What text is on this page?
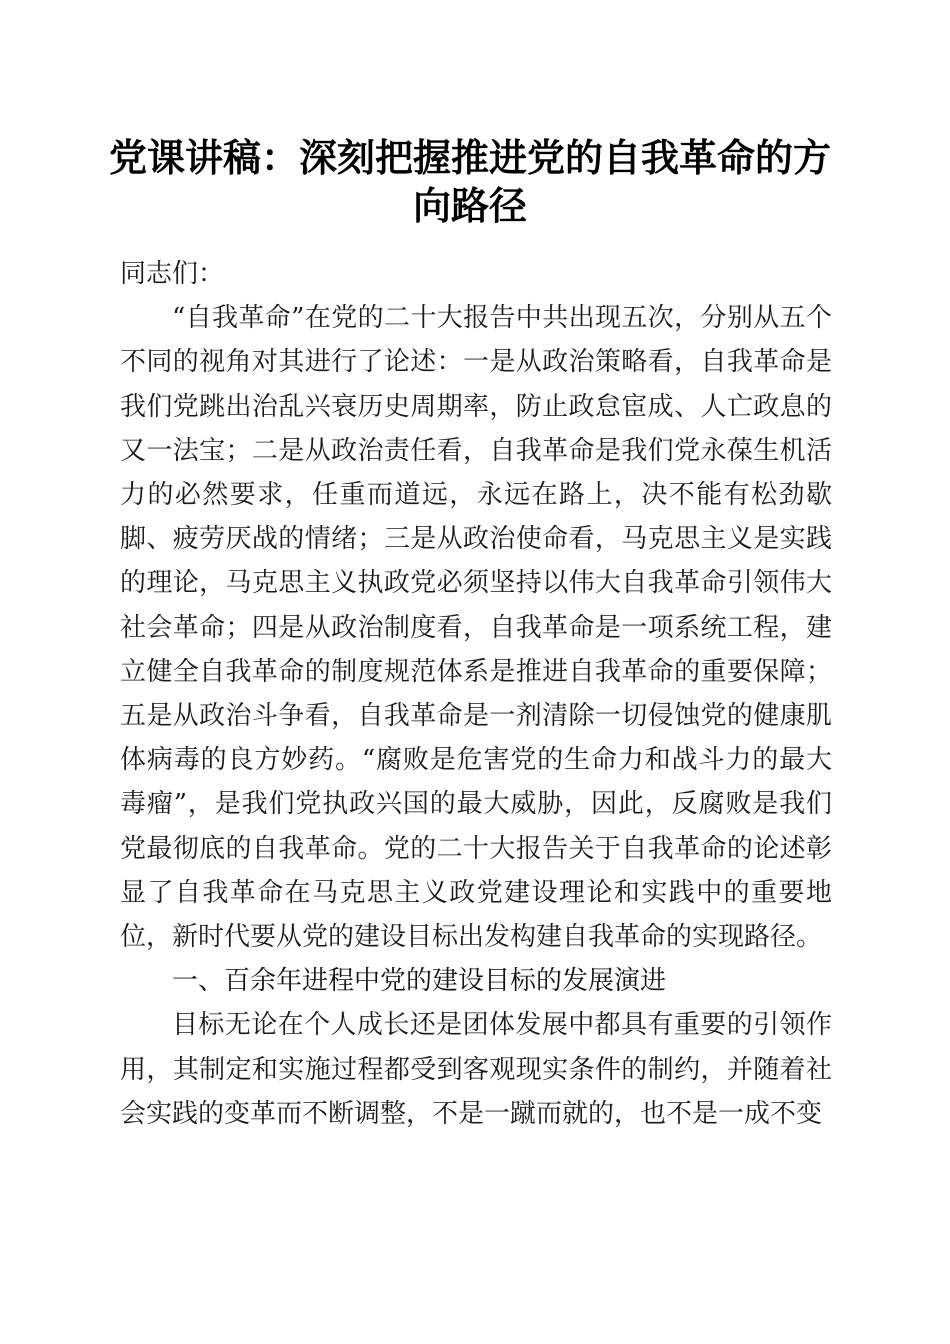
党课讲稿：深刻把握推进党的自我革命的方向路径

同志们：

“自我革命”在党的二十大报告中共出现五次，分别从五个不同的视角对其进行了论述：一是从政治策略看，自我革命是我们党跳出治乱兴衰历史周期率，防止政怠宦成、人亡政息的又一法宝；二是从政治责任看，自我革命是我们党永葆生机活力的必然要求，任重而道远，永远在路上，决不能有松劲歇脚、疲劳厌战的情绪；三是从政治使命看，马克思主义是实践的理论，马克思主义执政党必须坚持以伟大自我革命引领伟大社会革命；四是从政治制度看，自我革命是一项系统工程，建立健全自我革命的制度规范体系是推进自我革命的重要保障；五是从政治斗争看，自我革命是一剂清除一切侵蚀党的健康肌体病毒的良方妙药。“腐败是危害党的生命力和战斗力的最大毒瘤”，是我们党执政兴国的最大威胁，因此，反腐败是我们党最彻底的自我革命。党的二十大报告关于自我革命的论述彰显了自我革命在马克思主义政党建设理论和实践中的重要地位，新时代要从党的建设目标出发构建自我革命的实现路径。

一、百余年进程中党的建设目标的发展演进

目标无论在个人成长还是团体发展中都具有重要的引领作用，其制定和实施过程都受到客观现实条件的制约，并随着社会实践的变革而不断调整，不是一蹴而就的，也不是一成不变
